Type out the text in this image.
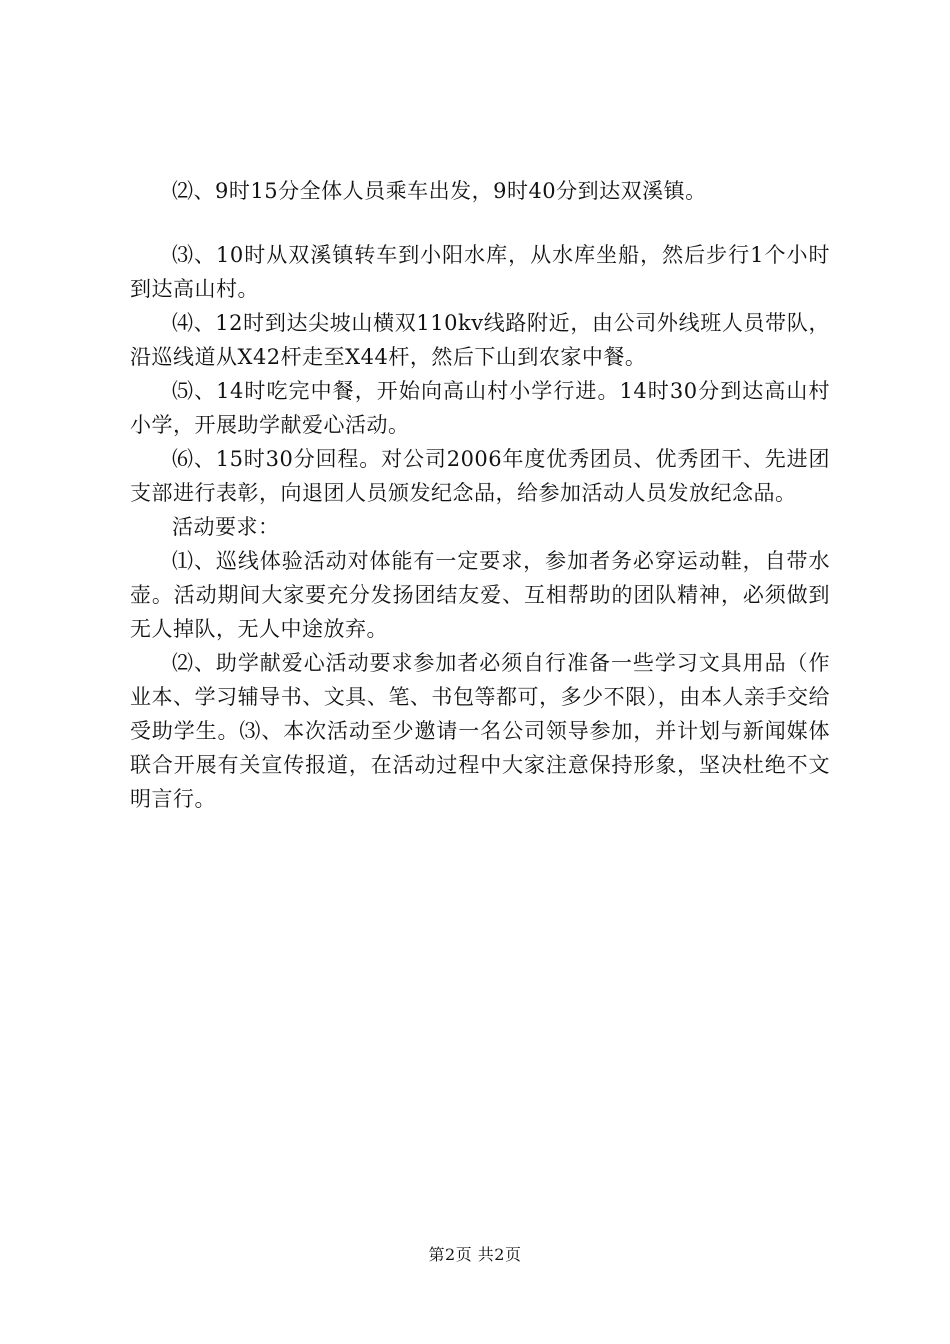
⑵、9时15分全体人员乘车出发，9时40分到达双溪镇。

⑶、10时从双溪镇转车到小阳水库，从水库坐船，然后步行1个小时到达高山村。

⑷、12时到达尖坡山横双110kv线路附近，由公司外线班人员带队，沿巡线道从X42杆走至X44杆，然后下山到农家中餐。

⑸、14时吃完中餐，开始向高山村小学行进。14时30分到达高山村小学，开展助学献爱心活动。

⑹、15时30分回程。对公司2006年度优秀团员、优秀团干、先进团支部进行表彰，向退团人员颁发纪念品，给参加活动人员发放纪念品。

活动要求：

⑴、巡线体验活动对体能有一定要求，参加者务必穿运动鞋，自带水壶。活动期间大家要充分发扬团结友爱、互相帮助的团队精神，必须做到无人掉队，无人中途放弃。

⑵、助学献爱心活动要求参加者必须自行准备一些学习文具用品（作业本、学习辅导书、文具、笔、书包等都可，多少不限），由本人亲手交给受助学生。⑶、本次活动至少邀请一名公司领导参加，并计划与新闻媒体联合开展有关宣传报道，在活动过程中大家注意保持形象，坚决杜绝不文明言行。

第2页 共2页
